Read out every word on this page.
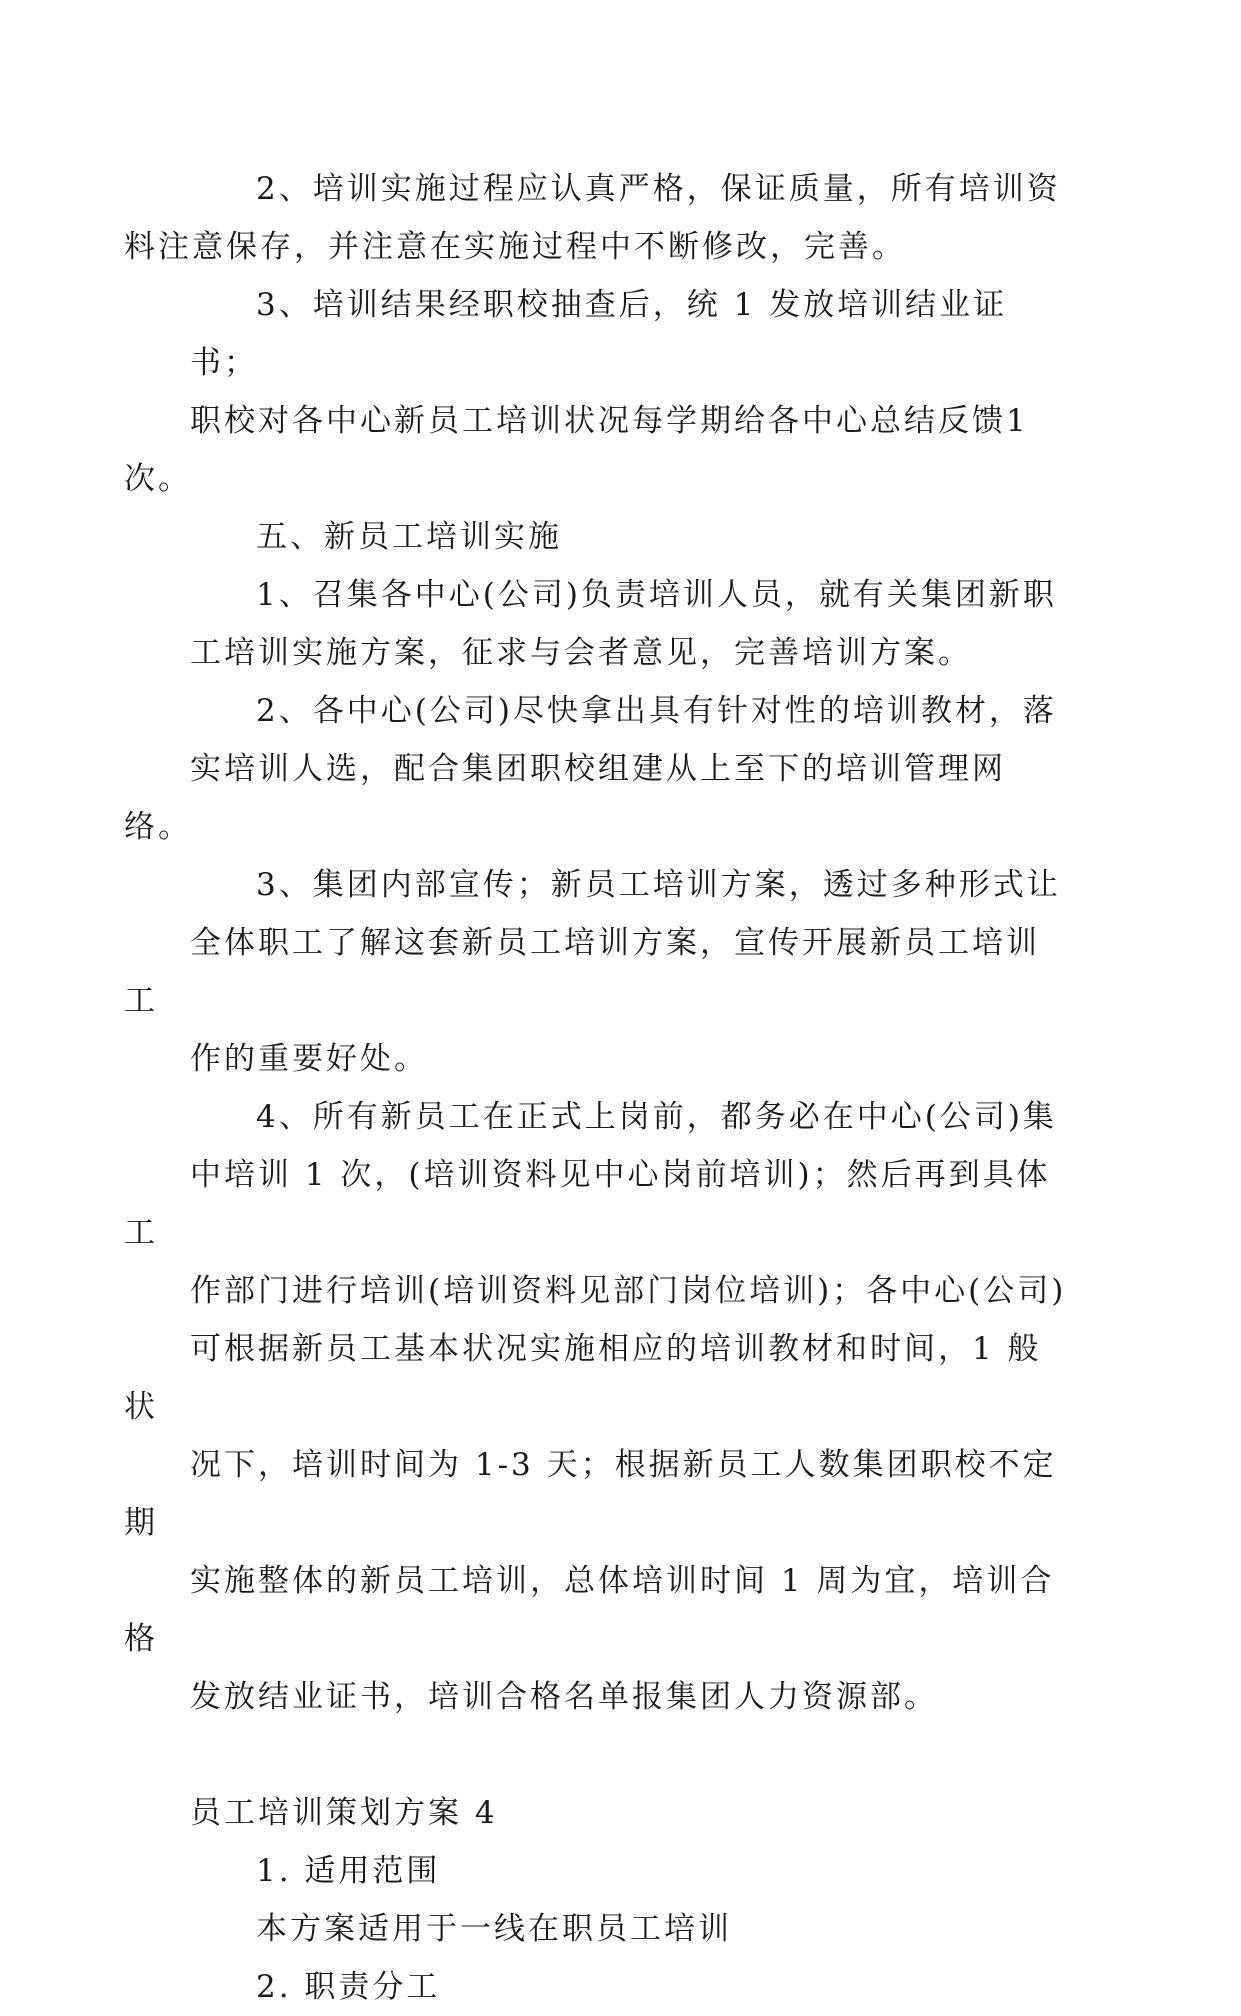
2、培训实施过程应认真严格，保证质量，所有培训资
料注意保存，并注意在实施过程中不断修改，完善。

3、培训结果经职校抽查后，统 1 发放培训结业证书；
职校对各中心新员工培训状况每学期给各中心总结反馈1次。

五、新员工培训实施

1、召集各中心(公司)负责培训人员，就有关集团新职
工培训实施方案，征求与会者意见，完善培训方案。

2、各中心(公司)尽快拿出具有针对性的培训教材，落
实培训人选，配合集团职校组建从上至下的培训管理网络。

3、集团内部宣传；新员工培训方案，透过多种形式让
全体职工了解这套新员工培训方案，宣传开展新员工培训工
作的重要好处。

4、所有新员工在正式上岗前，都务必在中心(公司)集
中培训 1 次，(培训资料见中心岗前培训)；然后再到具体工
作部门进行培训(培训资料见部门岗位培训)；各中心(公司)
可根据新员工基本状况实施相应的培训教材和时间，1 般状
况下，培训时间为 1-3 天；根据新员工人数集团职校不定期
实施整体的新员工培训，总体培训时间 1 周为宜，培训合格
发放结业证书，培训合格名单报集团人力资源部。

员工培训策划方案 4

1. 适用范围

本方案适用于一线在职员工培训

2. 职责分工
